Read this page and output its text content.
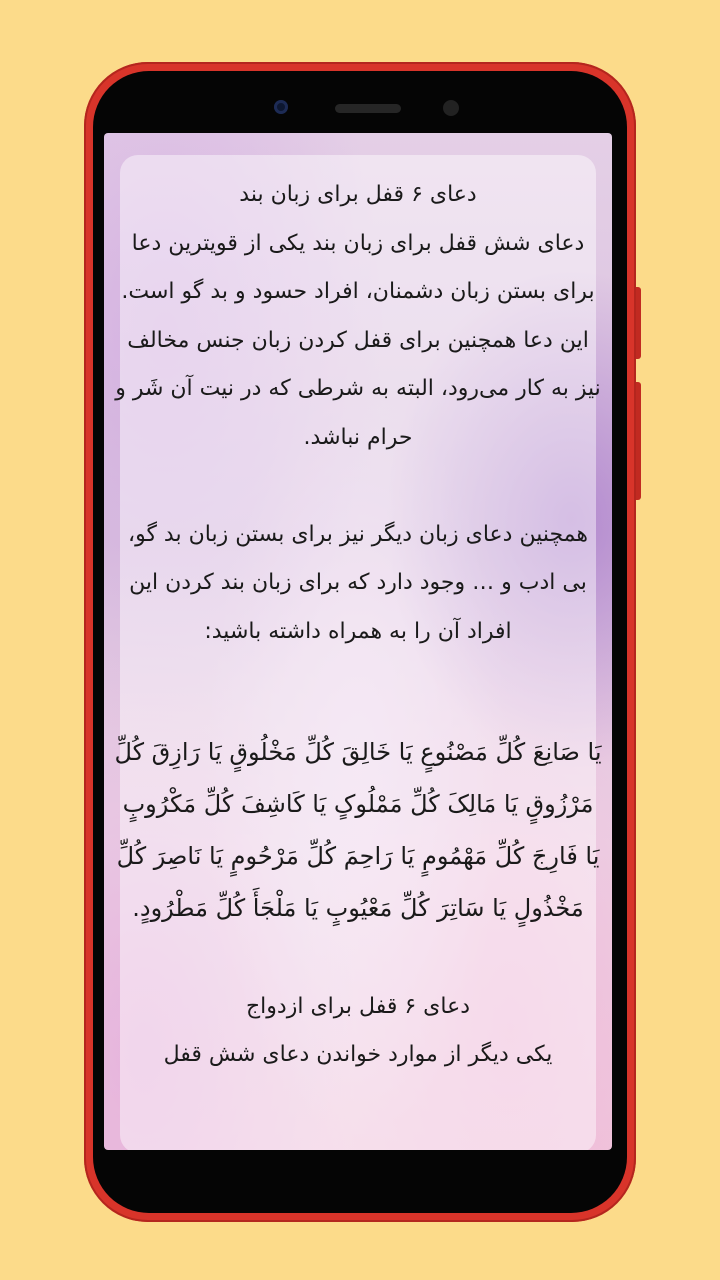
دعای ۶ قفل برای زبان بند

دعای شش قفل برای زبان بند یکی از قویترین دعا برای بستن زبان دشمنان، افراد حسود و بد گو است. این دعا همچنین برای قفل کردن زبان جنس مخالف نیز به کار می‌رود، البته به شرطی که در نیت آن شَر و حرام نباشد.

همچنین دعای زبان دیگر نیز برای بستن زبان بد گو، بی ادب و … وجود دارد که برای زبان بند کردن این افراد آن را به همراه داشته باشید:

یَا صَانِعَ کُلِّ مَصْنُوعٍ یَا خَالِقَ کُلِّ مَخْلُوقٍ یَا رَازِقَ کُلِّ مَرْزُوقٍ یَا مَالِکَ کُلِّ مَمْلُوکٍ یَا کَاشِفَ کُلِّ مَکْرُوبٍ یَا فَارِجَ کُلِّ مَهْمُومٍ یَا رَاحِمَ کُلِّ مَرْحُومٍ یَا نَاصِرَ کُلِّ مَخْذُولٍ یَا سَاتِرَ کُلِّ مَعْیُوبٍ یَا مَلْجَأَ کُلِّ مَطْرُودٍ.

دعای ۶ قفل برای ازدواج

یکی دیگر از موارد خواندن دعای شش قفل
